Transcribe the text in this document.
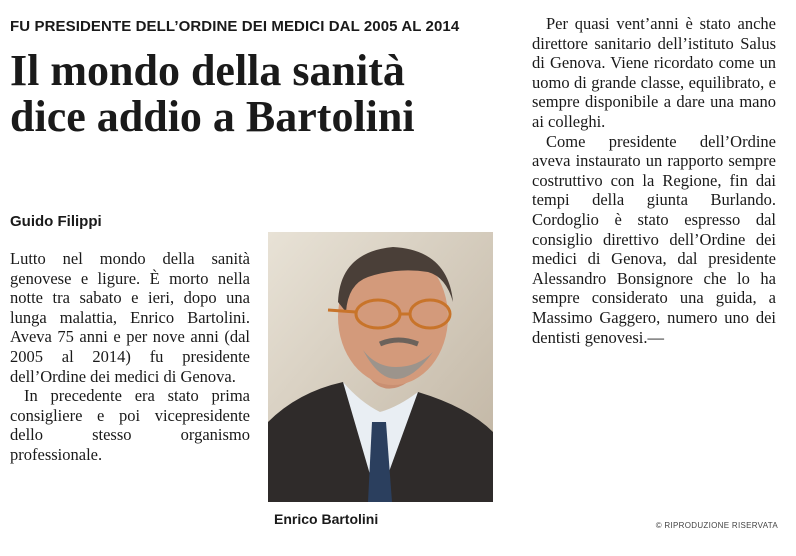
FU PRESIDENTE DELL’ORDINE DEI MEDICI DAL 2005 AL 2014
Il mondo della sanità
dice addio a Bartolini
Guido Filippi

Lutto nel mondo della sanità genovese e ligure. È morto nella notte tra sabato e ieri, dopo una lunga malattia, Enrico Bartolini. Aveva 75 anni e per nove anni (dal 2005 al 2014) fu presidente dell’Ordine dei medici di Genova.

In precedente era stato prima consigliere e poi vicepresidente dello stesso organismo professionale.

Enrico Bartolini

Per quasi vent’anni è stato anche direttore sanitario dell’istituto Salus di Genova. Viene ricordato come un uomo di grande classe, equilibrato, e sempre disponibile a dare una mano ai colleghi.

Come presidente dell’Ordine aveva instaurato un rapporto sempre costruttivo con la Regione, fin dai tempi della giunta Burlando. Cordoglio è stato espresso dal consiglio direttivo dell’Ordine dei medici di Genova, dal presidente Alessandro Bonsignore che lo ha sempre considerato una guida, a Massimo Gaggero, numero uno dei dentisti genovesi.—

© RIPRODUZIONE RISERVATA
